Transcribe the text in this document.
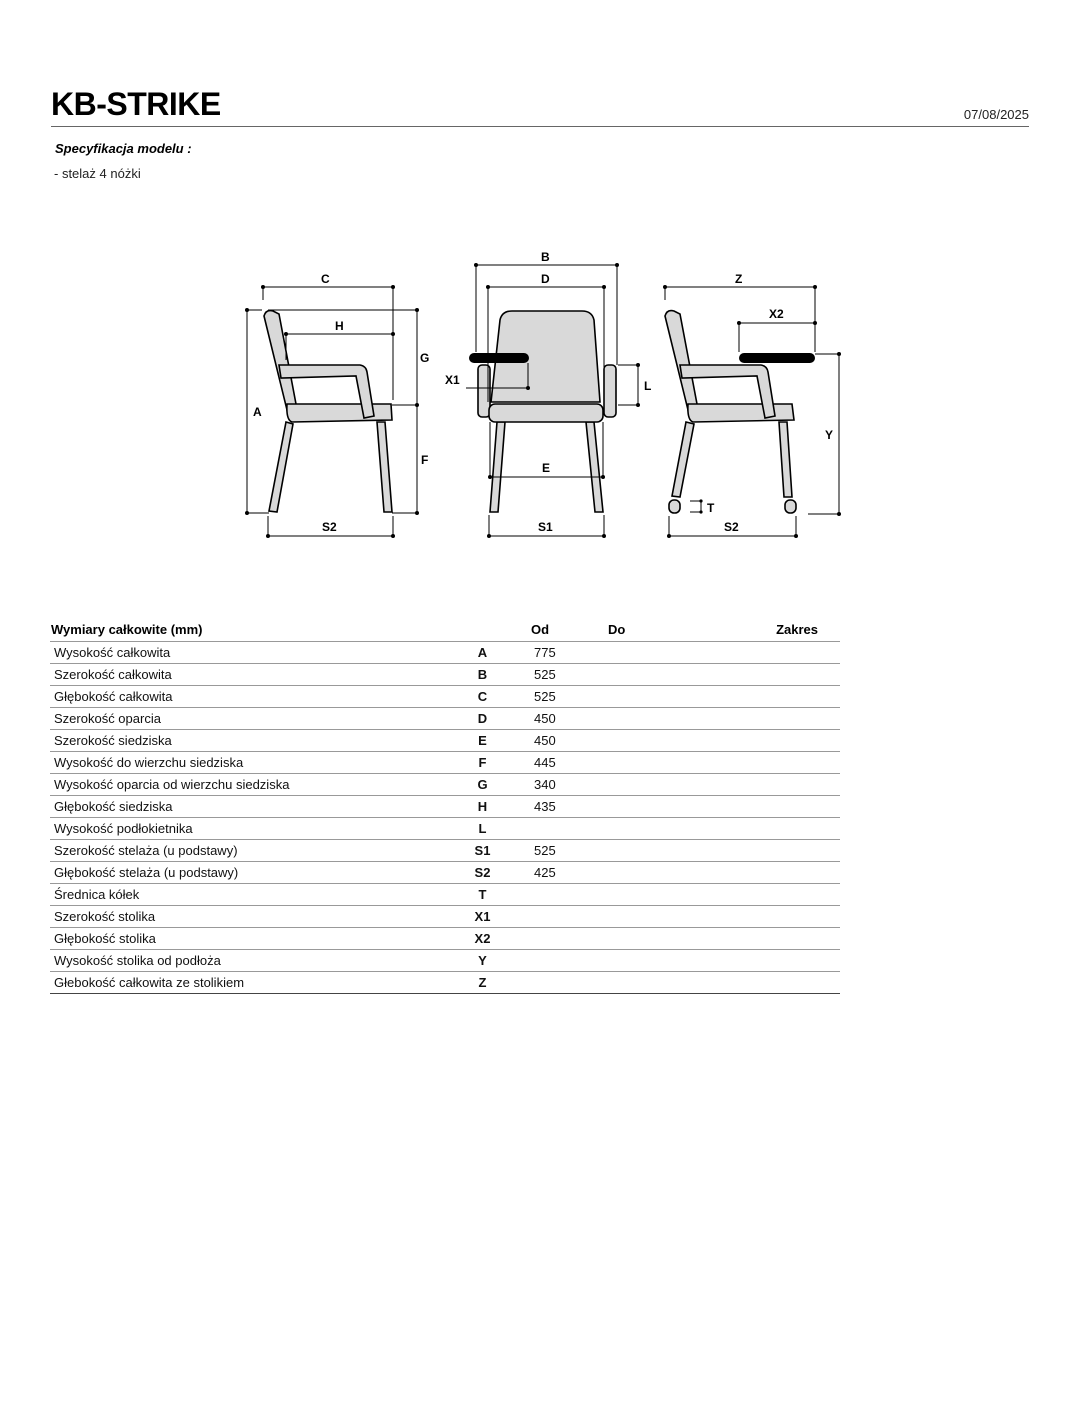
KB-STRIKE	07/08/2025
Specyfikacja modelu :
- stelaż 4 nóżki
C
H
G
F
A
S2
B
D
X1	L
E
S1
Z
X2
Y
T
S2
Wymiary całkowite (mm)		Od	Do	Zakres
Wysokość całkowita	A	775		
Szerokość całkowita	B	525		
Głębokość całkowita	C	525		
Szerokość oparcia	D	450		
Szerokość siedziska	E	450		
Wysokość do wierzchu siedziska	F	445		
Wysokość oparcia od wierzchu siedziska	G	340		
Głębokość siedziska	H	435		
Wysokość podłokietnika	L			
Szerokość stelaża (u podstawy)	S1	525		
Głębokość stelaża (u podstawy)	S2	425		
Średnica kółek	T			
Szerokość stolika	X1			
Głębokość stolika	X2			
Wysokość stolika od podłoża	Y			
Głebokość całkowita ze stolikiem	Z			
